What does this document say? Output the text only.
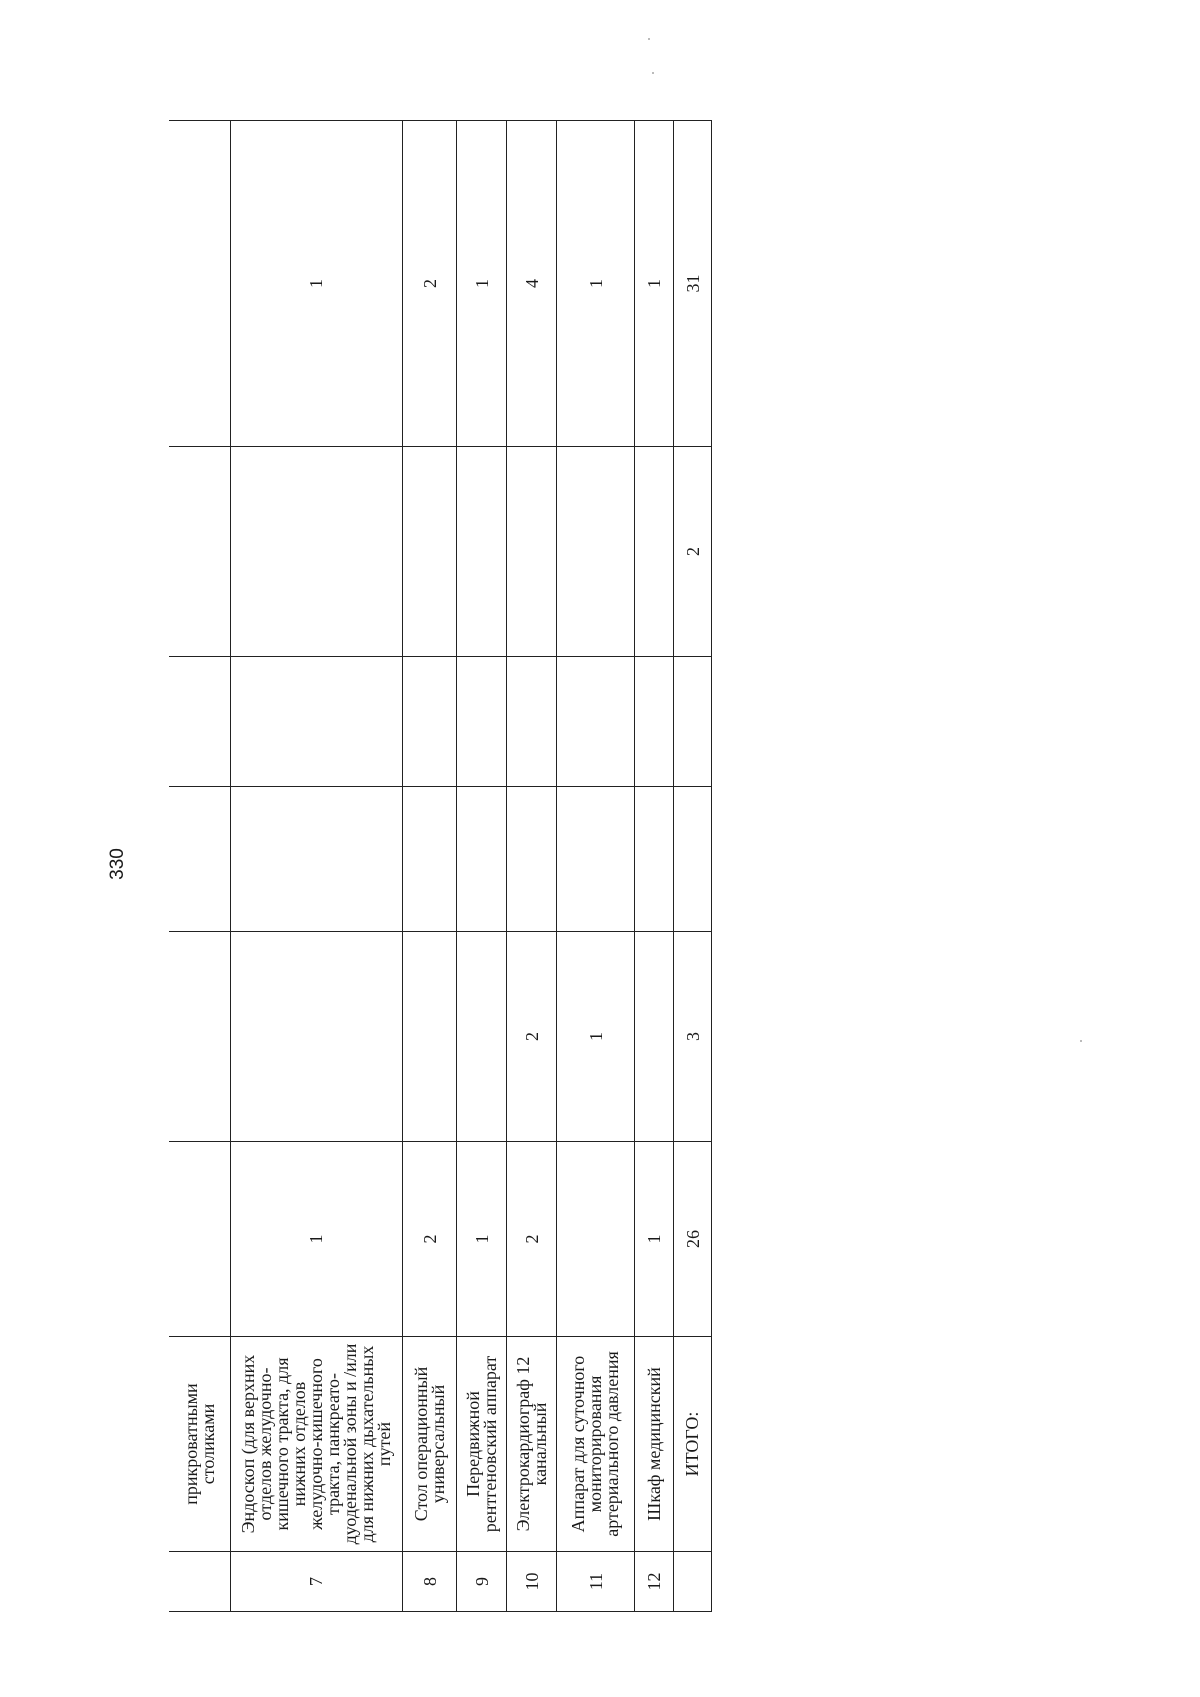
330
	прикроватными столиками						
7	Эндоскоп (для верхних отделов желудочно-кишечного тракта, для нижних отделов желудочно-кишечного тракта, панкреато-дуоденальной зоны и /или для нижних дыхательных путей	1					1
8	Стол операционный универсальный	2					2
9	Передвижной рентгеновский аппарат	1					1
10	Электрокардиограф 12 канальный	2	2				4
11	Аппарат для суточного мониторирования артериального давления		1				1
12	Шкаф медицинский	1					1
	ИТОГО:	26	3			2	31
